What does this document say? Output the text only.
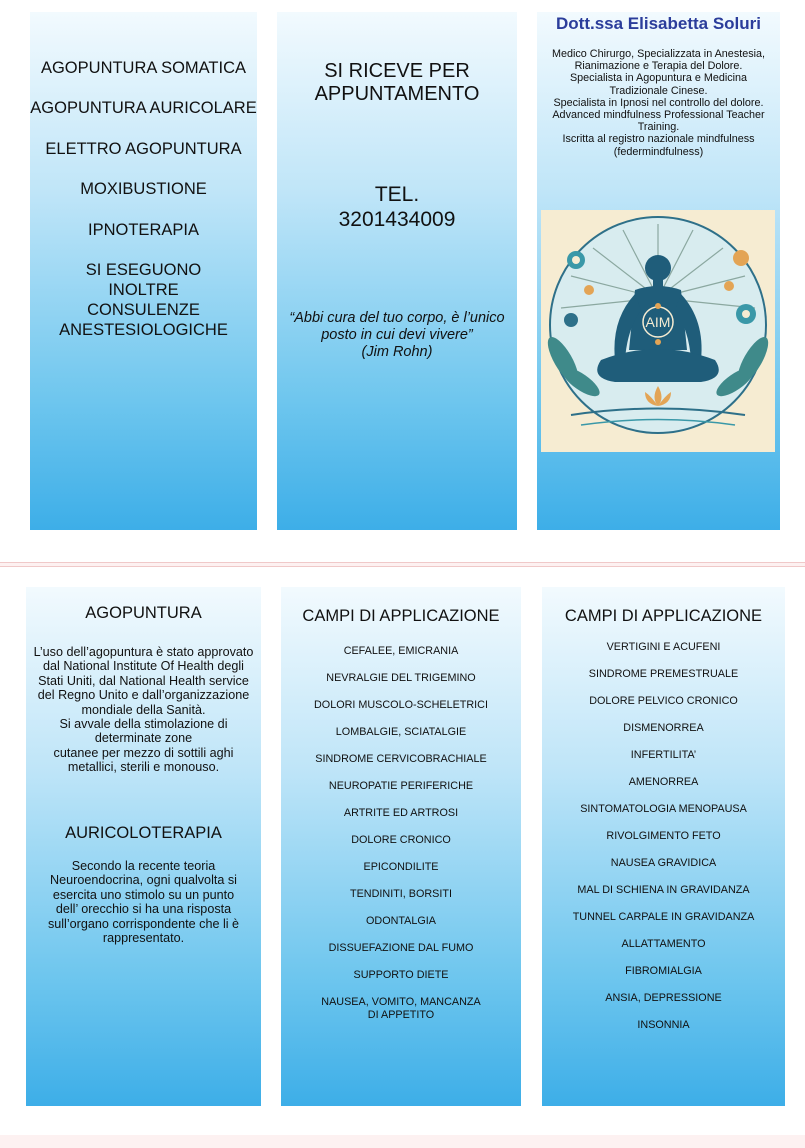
AGOPUNTURA SOMATICA
AGOPUNTURA AURICOLARE
ELETTRO AGOPUNTURA
MOXIBUSTIONE
IPNOTERAPIA
SI ESEGUONO
INOLTRE
CONSULENZE
ANESTESIOLOGICHE
SI RICEVE PER
APPUNTAMENTO
TEL.
3201434009
“Abbi cura del tuo corpo, è l’unico
posto in cui devi vivere”
(Jim Rohn)
Dott.ssa Elisabetta Soluri
Medico Chirurgo, Specializzata in Anestesia,
Rianimazione e Terapia del Dolore.
Specialista in Agopuntura e Medicina
Tradizionale Cinese.
Specialista in Ipnosi nel controllo del dolore.
Advanced mindfulness Professional Teacher
Training.
Iscritta al registro nazionale mindfulness
(federmindfulness)
AIM
AGOPUNTURA
L’uso dell’agopuntura è stato approvato
dal National Institute Of Health degli
Stati Uniti, dal National Health service
del Regno Unito e dall’organizzazione
mondiale della Sanità.
Si avvale della stimolazione di
determinate zone
cutanee per mezzo di sottili aghi
metallici, sterili e monouso.
AURICOLOTERAPIA
Secondo la recente teoria
Neuroendocrina, ogni qualvolta si
esercita uno stimolo su un punto
dell’ orecchio si ha una risposta
sull’organo corrispondente che li è
rappresentato.
CAMPI DI APPLICAZIONE
CEFALEE, EMICRANIA
NEVRALGIE DEL TRIGEMINO
DOLORI MUSCOLO-SCHELETRICI
LOMBALGIE, SCIATALGIE
SINDROME CERVICOBRACHIALE
NEUROPATIE PERIFERICHE
ARTRITE ED ARTROSI
DOLORE CRONICO
EPICONDILITE
TENDINITI, BORSITI
ODONTALGIA
DISSUEFAZIONE DAL FUMO
SUPPORTO DIETE
NAUSEA, VOMITO, MANCANZA
DI APPETITO
CAMPI DI APPLICAZIONE
VERTIGINI E ACUFENI
SINDROME PREMESTRUALE
DOLORE PELVICO CRONICO
DISMENORREA
INFERTILITA’
AMENORREA
SINTOMATOLOGIA MENOPAUSA
RIVOLGIMENTO FETO
NAUSEA GRAVIDICA
MAL DI SCHIENA IN GRAVIDANZA
TUNNEL CARPALE IN GRAVIDANZA
ALLATTAMENTO
FIBROMIALGIA
ANSIA, DEPRESSIONE
INSONNIA
